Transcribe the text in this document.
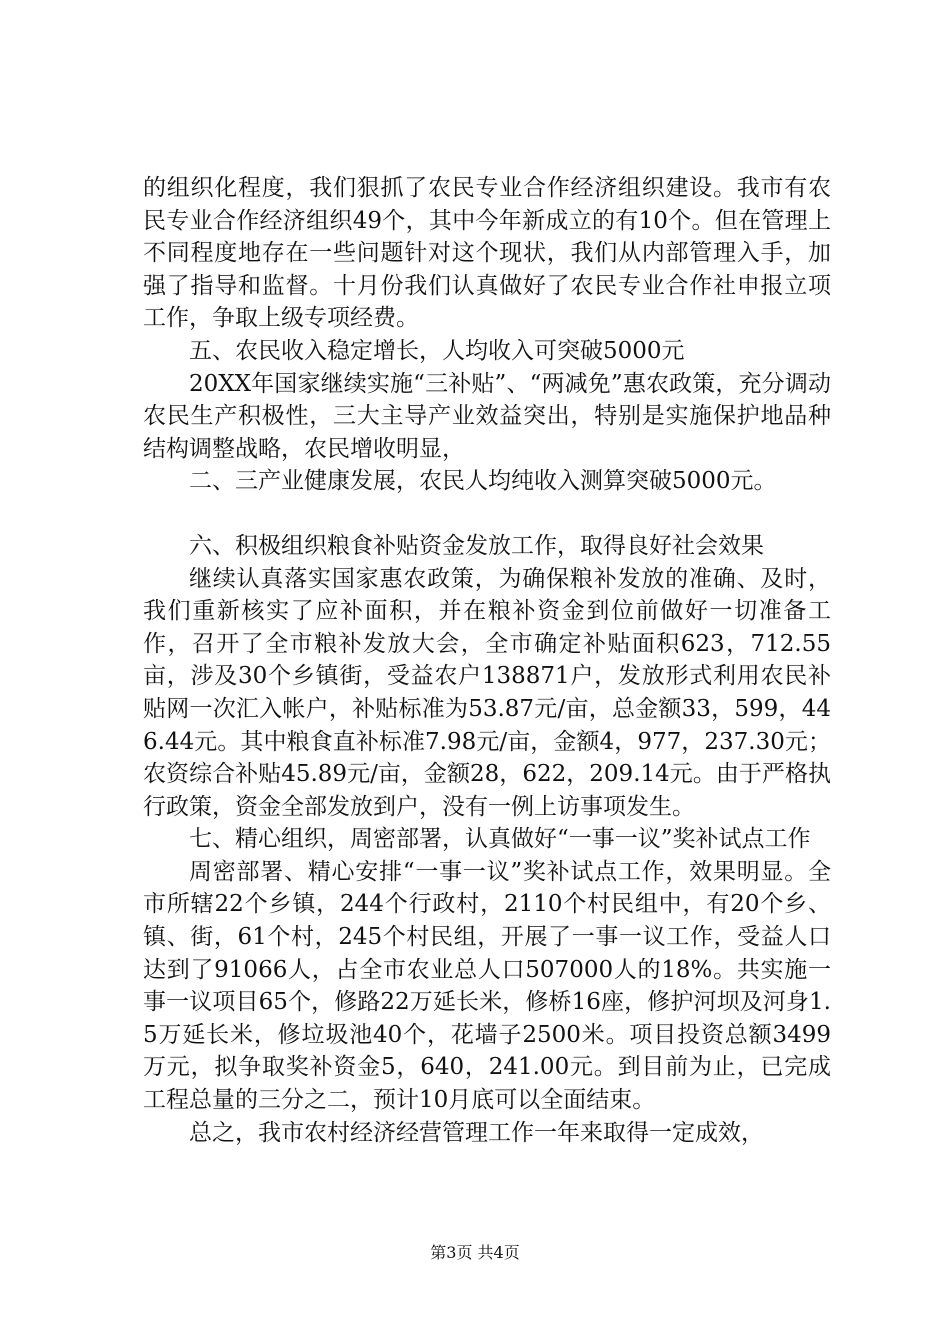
的组织化程度，我们狠抓了农民专业合作经济组织建设。我市有农民专业合作经济组织49个，其中今年新成立的有10个。但在管理上不同程度地存在一些问题针对这个现状，我们从内部管理入手，加强了指导和监督。十月份我们认真做好了农民专业合作社申报立项工作，争取上级专项经费。

五、农民收入稳定增长，人均收入可突破5000元

20XX年国家继续实施“三补贴”、“两减免”惠农政策，充分调动农民生产积极性，三大主导产业效益突出，特别是实施保护地品种结构调整战略，农民增收明显，

二、三产业健康发展，农民人均纯收入测算突破5000元。

六、积极组织粮食补贴资金发放工作，取得良好社会效果

继续认真落实国家惠农政策，为确保粮补发放的准确、及时，我们重新核实了应补面积，并在粮补资金到位前做好一切准备工作，召开了全市粮补发放大会，全市确定补贴面积623，712.55亩，涉及30个乡镇街，受益农户138871户，发放形式利用农民补贴网一次汇入帐户，补贴标准为53.87元/亩，总金额33，599，446.44元。其中粮食直补标准7.98元/亩，金额4，977，237.30元；农资综合补贴45.89元/亩，金额28，622，209.14元。由于严格执行政策，资金全部发放到户，没有一例上访事项发生。

七、精心组织，周密部署，认真做好“一事一议”奖补试点工作

周密部署、精心安排“一事一议”奖补试点工作，效果明显。全市所辖22个乡镇，244个行政村，2110个村民组中，有20个乡、镇、街，61个村，245个村民组，开展了一事一议工作，受益人口达到了91066人，占全市农业总人口507000人的18%。共实施一事一议项目65个，修路22万延长米，修桥16座，修护河坝及河身1.5万延长米，修垃圾池40个，花墙子2500米。项目投资总额3499万元，拟争取奖补资金5，640，241.00元。到目前为止，已完成工程总量的三分之二，预计10月底可以全面结束。

总之，我市农村经济经营管理工作一年来取得一定成效，

第3页 共4页
